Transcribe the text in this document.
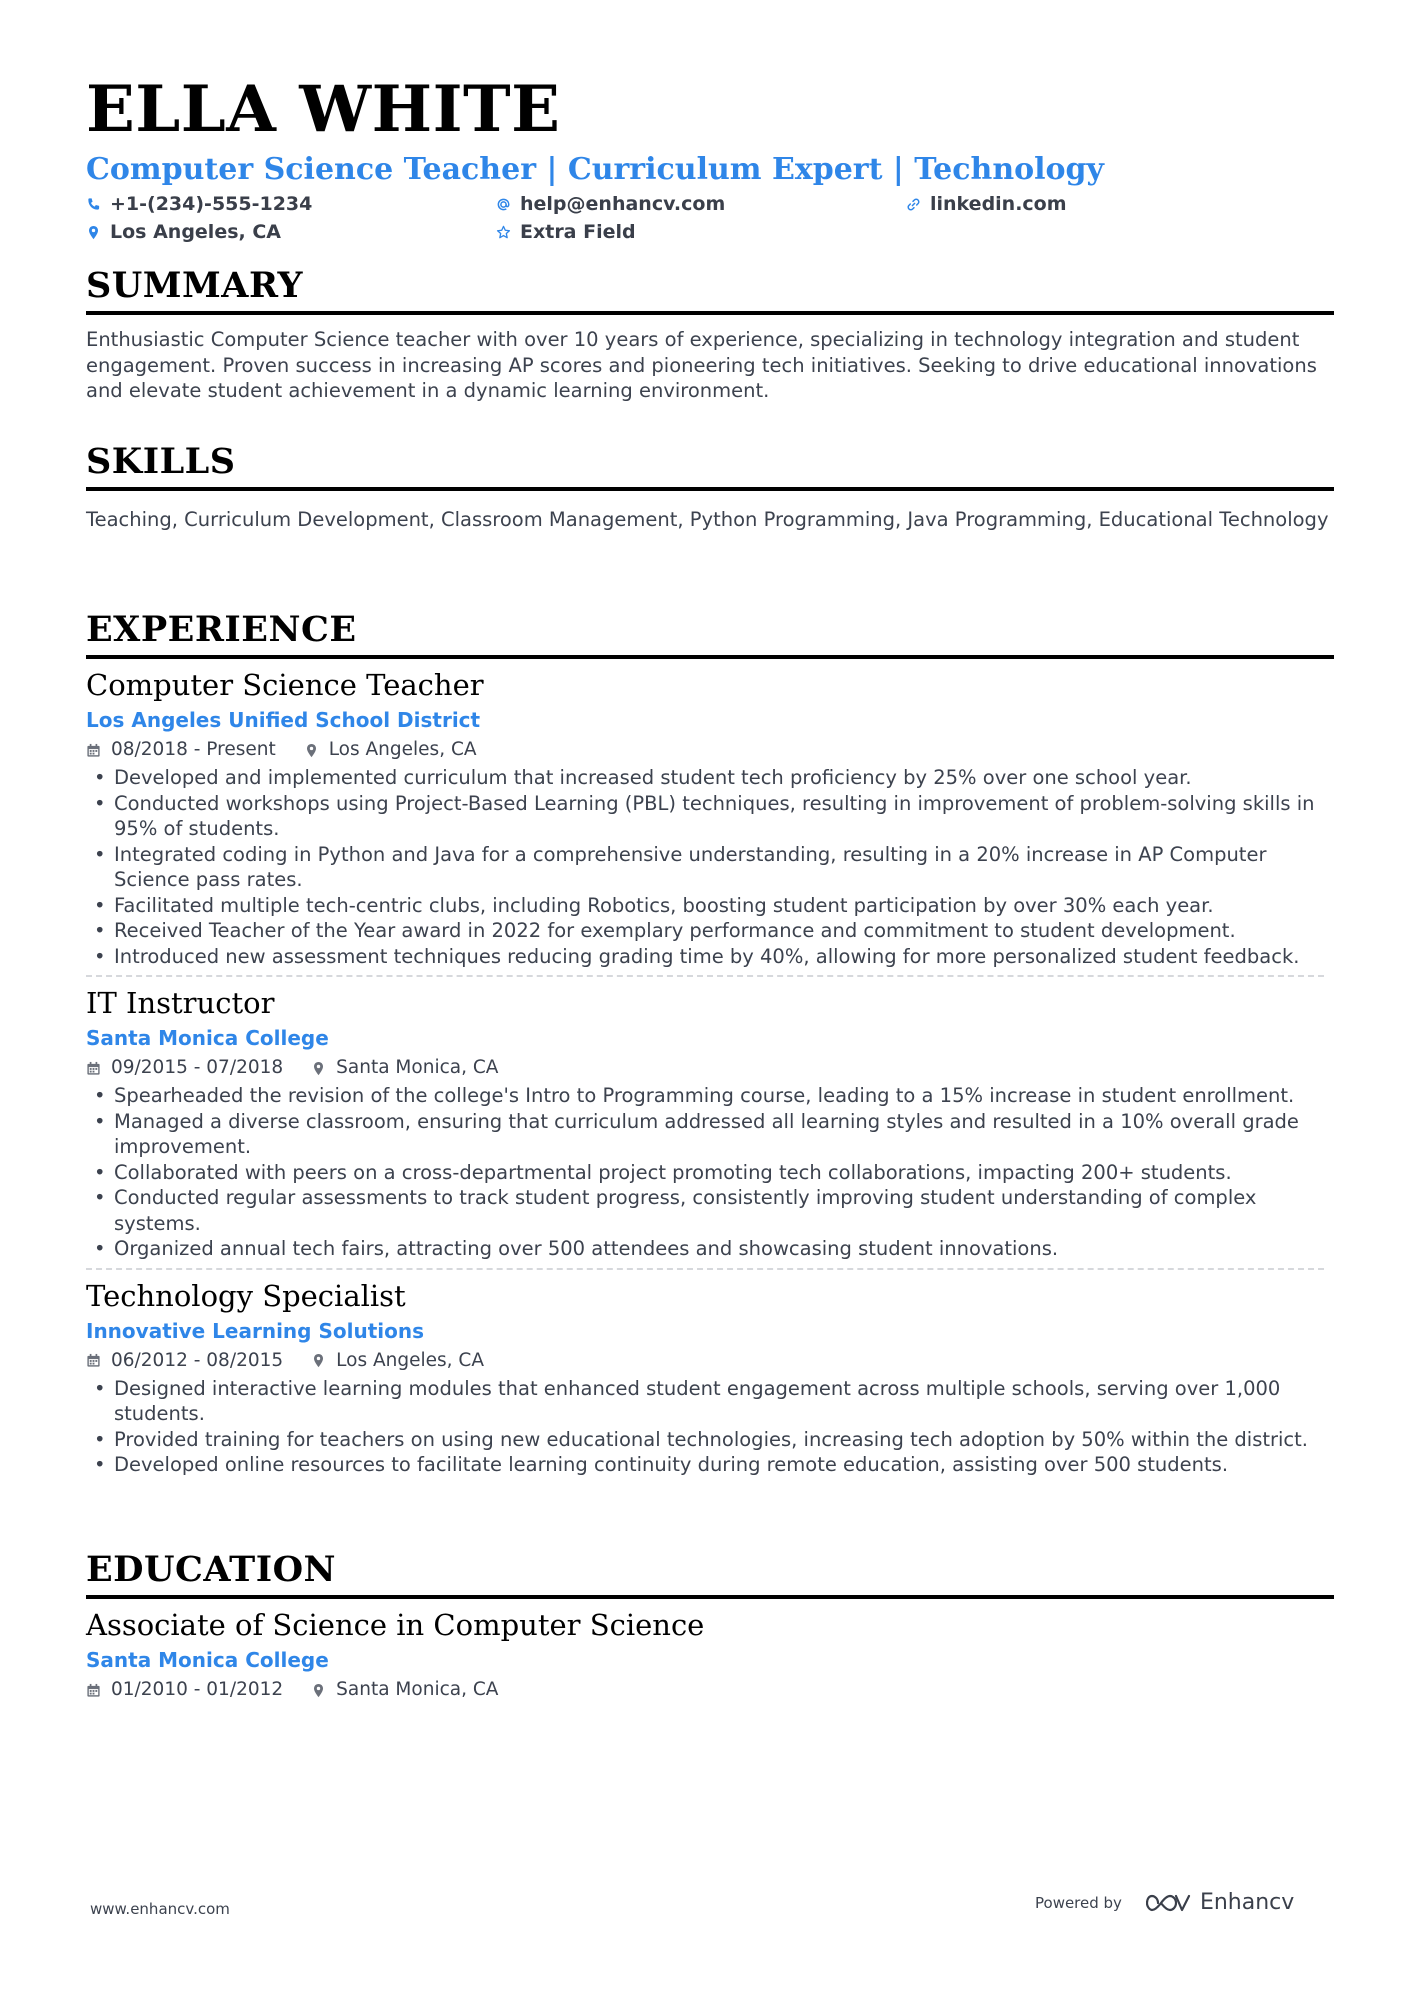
ELLA WHITE
Computer Science Teacher | Curriculum Expert | Technology
+1-(234)-555-1234	help@enhancv.com	linkedin.com
Los Angeles, CA	Extra Field
SUMMARY
Enthusiastic Computer Science teacher with over 10 years of experience, specializing in technology integration and student engagement. Proven success in increasing AP scores and pioneering tech initiatives. Seeking to drive educational innovations and elevate student achievement in a dynamic learning environment.
SKILLS
Teaching, Curriculum Development, Classroom Management, Python Programming, Java Programming, Educational Technology
EXPERIENCE
Computer Science Teacher
Los Angeles Unified School District
08/2018 - Present	Los Angeles, CA
• Developed and implemented curriculum that increased student tech proficiency by 25% over one school year.
• Conducted workshops using Project-Based Learning (PBL) techniques, resulting in improvement of problem-solving skills in 95% of students.
• Integrated coding in Python and Java for a comprehensive understanding, resulting in a 20% increase in AP Computer Science pass rates.
• Facilitated multiple tech-centric clubs, including Robotics, boosting student participation by over 30% each year.
• Received Teacher of the Year award in 2022 for exemplary performance and commitment to student development.
• Introduced new assessment techniques reducing grading time by 40%, allowing for more personalized student feedback.
IT Instructor
Santa Monica College
09/2015 - 07/2018	Santa Monica, CA
• Spearheaded the revision of the college's Intro to Programming course, leading to a 15% increase in student enrollment.
• Managed a diverse classroom, ensuring that curriculum addressed all learning styles and resulted in a 10% overall grade improvement.
• Collaborated with peers on a cross-departmental project promoting tech collaborations, impacting 200+ students.
• Conducted regular assessments to track student progress, consistently improving student understanding of complex systems.
• Organized annual tech fairs, attracting over 500 attendees and showcasing student innovations.
Technology Specialist
Innovative Learning Solutions
06/2012 - 08/2015	Los Angeles, CA
• Designed interactive learning modules that enhanced student engagement across multiple schools, serving over 1,000 students.
• Provided training for teachers on using new educational technologies, increasing tech adoption by 50% within the district.
• Developed online resources to facilitate learning continuity during remote education, assisting over 500 students.
EDUCATION
Associate of Science in Computer Science
Santa Monica College
01/2010 - 01/2012	Santa Monica, CA
www.enhancv.com	Powered by	Enhancv
